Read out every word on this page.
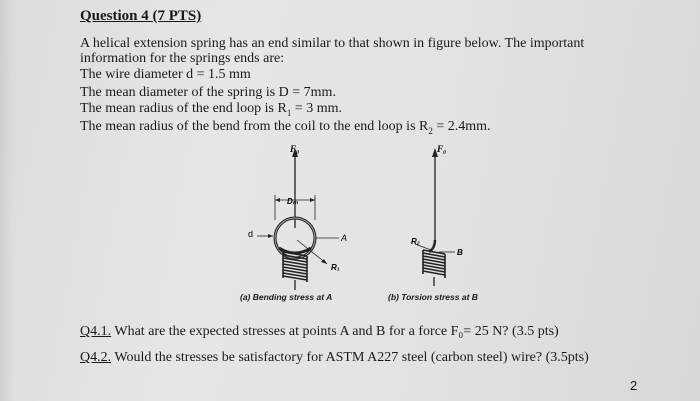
Question 4 (7 PTS)
A helical extension spring has an end similar to that shown in figure below. The important
information for the springs ends are:
The wire diameter d = 1.5 mm
The mean diameter of the spring is D = 7mm.
The mean radius of the end loop is $R_1 = 3$ mm.
The mean radius of the bend from the coil to the end loop is $R_2 = 2.4mm$.
F₀
Dₘ
d	A
R₁
F₀
R₂
B
(a) Bending stress at A	(b) Torsion stress at B
Q4.1. What are the expected stresses at points A and B for a force F₀= 25 N? (3.5 pts)
Q4.2. Would the stresses be satisfactory for ASTM A227 steel (carbon steel) wire? (3.5pts)
2
